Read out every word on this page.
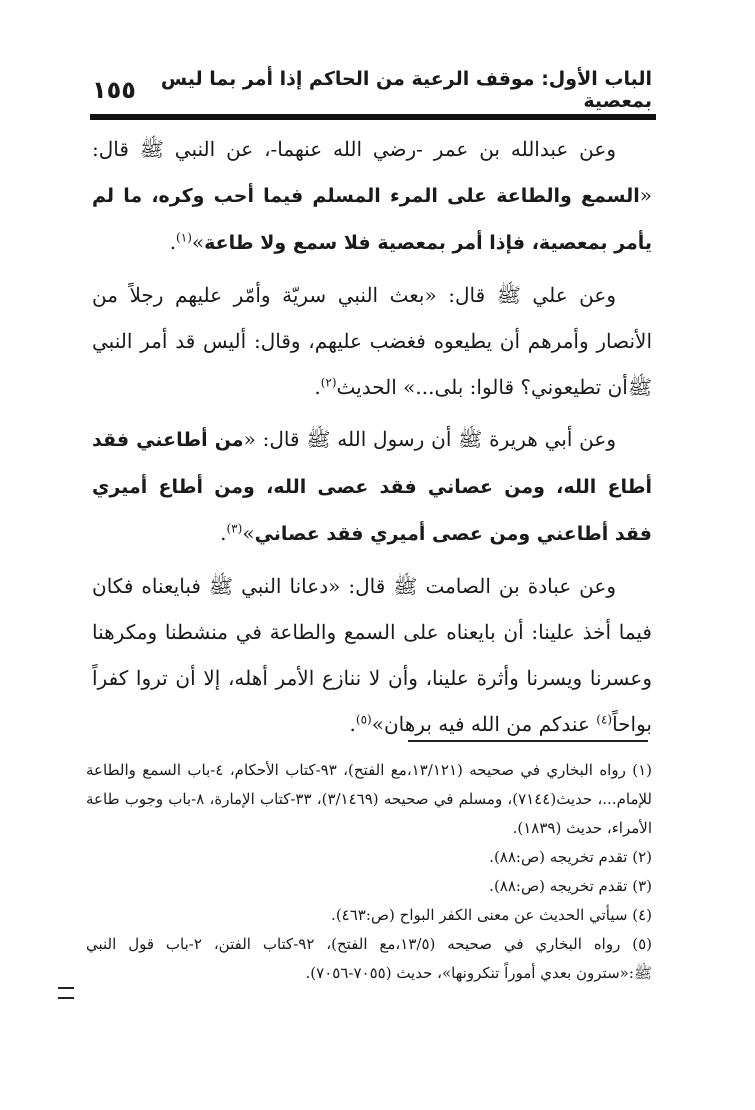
الباب الأول: موقف الرعية من الحاكم إذا أمر بما ليس بمعصية
١٥٥

وعن عبدالله بن عمر -رضي الله عنهما-، عن النبي ﷺ قال: «السمع والطاعة على المرء المسلم فيما أحب وكره، ما لم يأمر بمعصية، فإذا أمر بمعصية فلا سمع ولا طاعة»$^{(١)}$.

وعن علي ﷺ قال: «بعث النبي سريّة وأمّر عليهم رجلاً من الأنصار وأمرهم أن يطيعوه فغضب عليهم، وقال: أليس قد أمر النبي ﷺأن تطيعوني؟ قالوا: بلى...» الحديث$^{(٢)}$.

وعن أبي هريرة ﷺ أن رسول الله ﷺ قال: «من أطاعني فقد أطاع الله، ومن عصاني فقد عصى الله، ومن أطاع أميري فقد أطاعني ومن عصى أميري فقد عصاني»$^{(٣)}$.

وعن عبادة بن الصامت ﷺ قال: «دعانا النبي ﷺ فبايعناه فكان فيما أخذ علينا: أن بايعناه على السمع والطاعة في منشطنا ومكرهنا وعسرنا ويسرنا وأثرة علينا، وأن لا ننازع الأمر أهله، إلا أن تروا كفراً بواحاً$^{(٤)}$ عندكم من الله فيه برهان»$^{(٥)}$.

(١) رواه البخاري في صحيحه (١٣/١٢١،مع الفتح)، ٩٣-كتاب الأحكام، ٤-باب السمع والطاعة للإمام...، حديث(٧١٤٤)، ومسلم في صحيحه (٣/١٤٦٩)، ٣٣-كتاب الإمارة، ٨-باب وجوب طاعة الأمراء، حديث (١٨٣٩).

(٢) تقدم تخريجه (ص:٨٨).

(٣) تقدم تخريجه (ص:٨٨).

(٤) سيأتي الحديث عن معنى الكفر البواح (ص:٤٦٣).

(٥) رواه البخاري في صحيحه (١٣/٥،مع الفتح)، ٩٢-كتاب الفتن، ٢-باب قول النبي ﷺ:«سترون بعدي أموراً تنكرونها»، حديث (٧٠٥٥-٧٠٥٦).
